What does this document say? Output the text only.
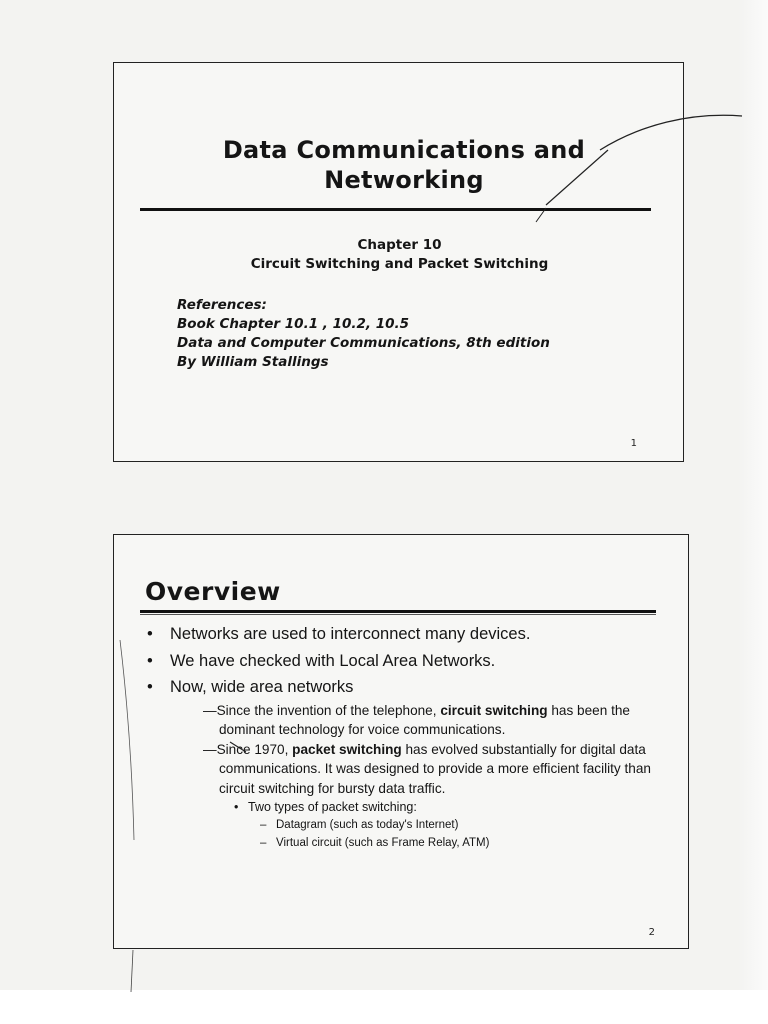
Data Communications and
Networking
Chapter 10
Circuit Switching and Packet Switching
References:
Book Chapter 10.1 , 10.2, 10.5
Data and Computer Communications, 8th edition
By William Stallings
1
Overview
• Networks are used to interconnect many devices.
• We have checked with Local Area Networks.
• Now, wide area networks
—Since the invention of the telephone, circuit switching has been the dominant technology for voice communications.
—Since 1970, packet switching has evolved substantially for digital data communications. It was designed to provide a more efficient facility than circuit switching for bursty data traffic.
• Two types of packet switching:
– Datagram (such as today's Internet)
– Virtual circuit (such as Frame Relay, ATM)
2
